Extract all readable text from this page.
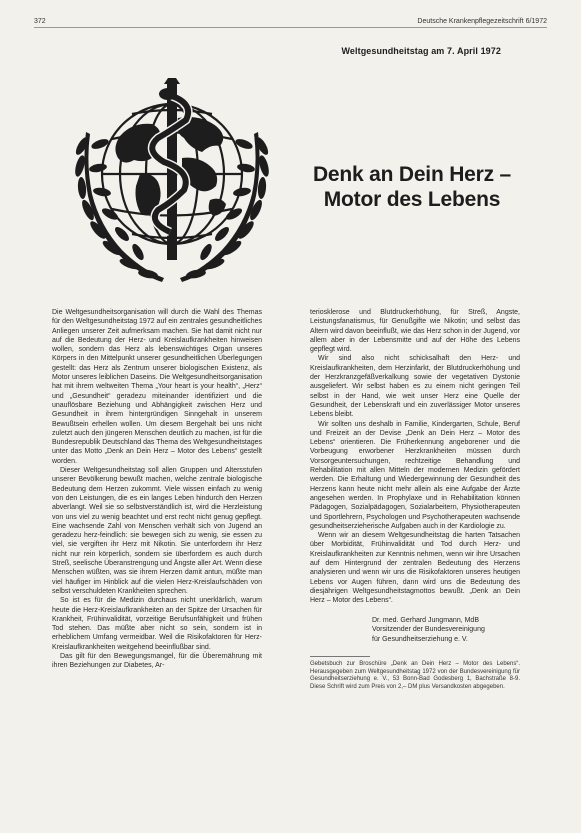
372	Deutsche Krankenpflegezeitschrift 6/1972
Weltgesundheitstag am 7. April 1972
Denk an Dein Herz –
Motor des Lebens

Die Weltgesundheitsorganisation will durch die Wahl des Themas für den Weltgesundheitstag 1972 auf ein zentrales gesundheitliches Anliegen unserer Zeit aufmerksam machen. Sie hat damit nicht nur auf die Bedeutung der Herz- und Kreislaufkrankheiten hinweisen wollen, sondern das Herz als lebenswichtiges Organ unseres Körpers in den Mittelpunkt unserer gesundheitlichen Überlegungen gestellt: das Herz als Zentrum unserer biologischen Existenz, als Motor unseres leiblichen Daseins. Die Weltgesundheitsorganisation hat mit ihrem weltweiten Thema „Your heart is your health“, „Herz“ und „Gesundheit“ geradezu miteinander identifiziert und die unauflösbare Beziehung und Abhängigkeit zwischen Herz und Gesundheit in ihrem hintergründigen Sinngehalt in unserem Bewußtsein erhellen wollen. Um diesem Bergehalt bei uns nicht zuletzt auch den jüngeren Menschen deutlich zu machen, ist für die Bundesrepublik Deutschland das Thema des Weltgesundheitstages unter das Motto „Denk an Dein Herz – Motor des Lebens“ gestellt worden.

Dieser Weltgesundheitstag soll allen Gruppen und Altersstufen unserer Bevölkerung bewußt machen, welche zentrale biologische Bedeutung dem Herzen zukommt. Viele wissen einfach zu wenig von den Leistungen, die es ein langes Leben hindurch den Herzen abverlangt. Weil sie so selbstverständlich ist, wird die Herzleistung von uns viel zu wenig beachtet und erst recht nicht genug gepflegt. Eine wachsende Zahl von Menschen verhält sich von Jugend an geradezu herz-feindlich: sie bewegen sich zu wenig, sie essen zu viel, sie vergiften ihr Herz mit Nikotin. Sie unterfordern ihr Herz nicht nur rein körperlich, sondern sie überfordern es auch durch Streß, seelische Überanstrengung und Ängste aller Art. Wenn diese Menschen wüßten, was sie ihrem Herzen damit antun, müßte man viel häufiger im Hinblick auf die vielen Herz-Kreislaufschäden von selbst verschuldeten Krankheiten sprechen.

So ist es für die Medizin durchaus nicht unerklärlich, warum heute die Herz-Kreislaufkrankheiten an der Spitze der Ursachen für Krankheit, Frühinvalidität, vorzeitige Berufsunfähigkeit und frühen Tod stehen. Das müßte aber nicht so sein, sondern ist in erheblichem Umfang vermeidbar. Weil die Risikofaktoren für Herz-Kreislaufkrankheiten weitgehend beeinflußbar sind.

Das gilt für den Bewegungsmangel, für die Überernährung mit ihren Beziehungen zur Diabetes, Ar-

teriosklerose und Blutdruckerhöhung, für Streß, Angste, Leistungsfanatismus, für Genußgifte wie Nikotin; und selbst das Altern wird davon beeinflußt, wie das Herz schon in der Jugend, vor allem aber in der Lebensmitte und auf der Höhe des Lebens gepflegt wird.

Wir sind also nicht schicksalhaft den Herz- und Kreislaufkrankheiten, dem Herzinfarkt, der Blutdruckerhöhung und der Herzkranzgefäßverkalkung sowie der vegetativen Dystonie ausgeliefert. Wir selbst haben es zu einem nicht geringen Teil selbst in der Hand, wie weit unser Herz eine Quelle der Gesundheit, der Lebenskraft und ein zuverlässiger Motor unseres Lebens bleibt.

Wir sollten uns deshalb in Familie, Kindergarten, Schule, Beruf und Freizeit an der Devise „Denk an Dein Herz – Motor des Lebens“ orientieren. Die Früherkennung angeborener und die Vorbeugung erworbener Herzkrankheiten müssen durch Vorsorgeuntersuchungen, rechtzeitige Behandlung und Rehabilitation mit allen Mitteln der modernen Medizin gefördert werden. Die Erhaltung und Wiedergewinnung der Gesundheit des Herzens kann heute nicht mehr allein als eine Aufgabe der Ärzte angesehen werden. In Prophylaxe und in Rehabilitation können Pädagogen, Sozialpädagogen, Sozialarbeitern, Physiotherapeuten und Sportlehrern, Psychologen und Psychotherapeuten wachsende gesundheitserzieherische Aufgaben auch in der Kardiologie zu.

Wenn wir an diesem Weltgesundheitstag die harten Tatsachen über Morbidität, Frühinvalidität und Tod durch Herz- und Kreislaufkrankheiten zur Kenntnis nehmen, wenn wir ihre Ursachen auf dem Hintergrund der zentralen Bedeutung des Herzens analysieren und wenn wir uns die Risikofaktoren unseres heutigen Lebens vor Augen führen, dann wird uns die Bedeutung des diesjährigen Weltgesundheitstagmottos bewußt. „Denk an Dein Herz – Motor des Lebens“.

Dr. med. Gerhard Jungmann, MdB
Vorsitzender der Bundesvereinigung
für Gesundheitserziehung e. V.
Gebetsbuch zur Broschüre „Denk an Dein Herz – Motor des Lebens“. Herausgegeben zum Weltgesundheitstag 1972 von der Bundesvereinigung für Gesundheitserziehung e. V., 53 Bonn-Bad Godesberg 1, Bachstraße 8-9. Diese Schrift wird zum Preis von 2,– DM plus Versandkosten abgegeben.
